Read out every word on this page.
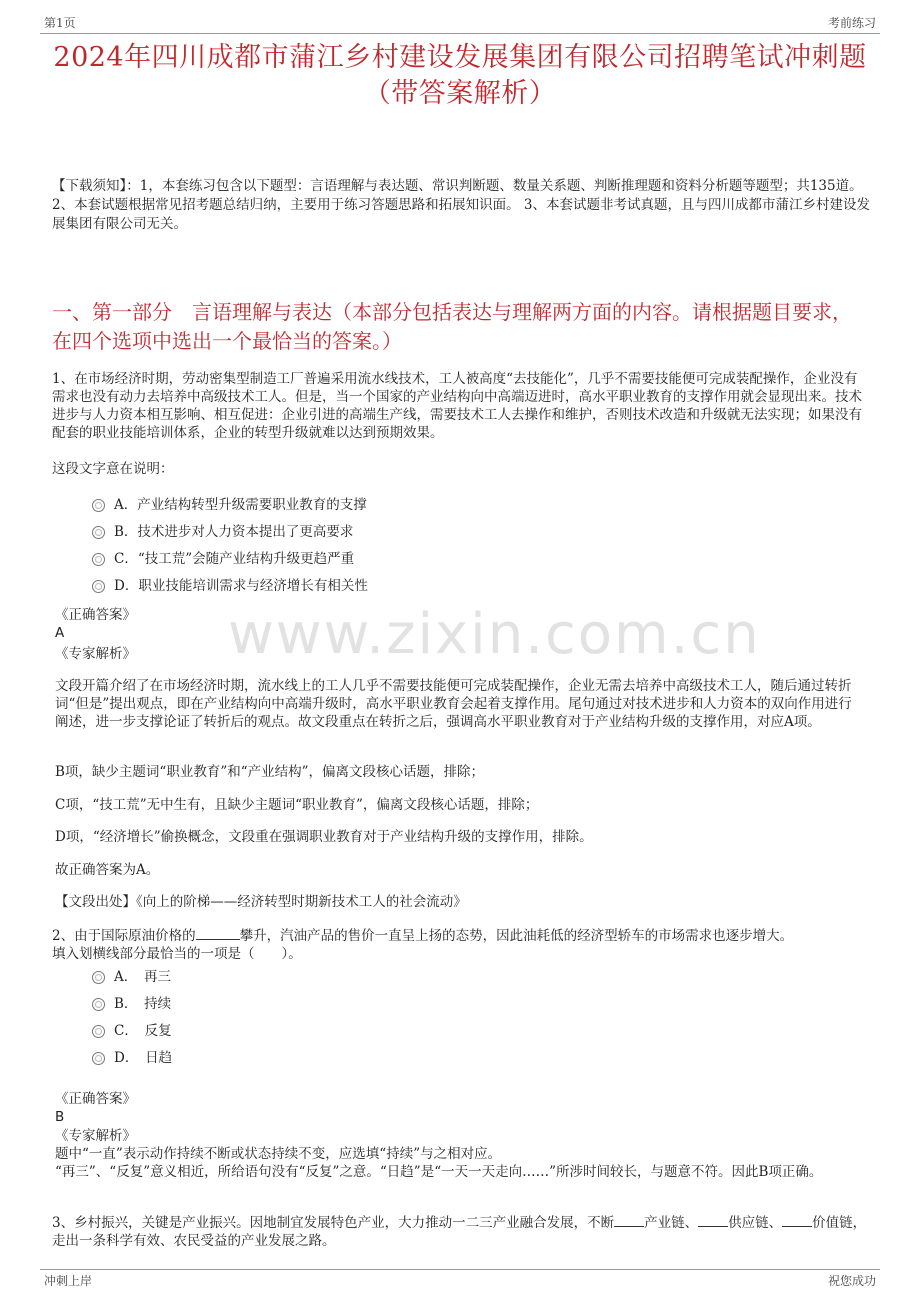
第1页	考前练习
2024年四川成都市蒲江乡村建设发展集团有限公司招聘笔试冲刺题（带答案解析）
【下载须知】：1，本套练习包含以下题型：言语理解与表达题、常识判断题、数量关系题、判断推理题和资料分析题等题型；共135道。 2、本套试题根据常见招考题总结归纳，主要用于练习答题思路和拓展知识面。 3、本套试题非考试真题，且与四川成都市蒲江乡村建设发展集团有限公司无关。
一、第一部分　言语理解与表达（本部分包括表达与理解两方面的内容。请根据题目要求，在四个选项中选出一个最恰当的答案。）
www.zixin.com.cn
1、在市场经济时期，劳动密集型制造工厂普遍采用流水线技术，工人被高度“去技能化”，几乎不需要技能便可完成装配操作，企业没有需求也没有动力去培养中高级技术工人。但是，当一个国家的产业结构向中高端迈进时，高水平职业教育的支撑作用就会显现出来。技术进步与人力资本相互影响、相互促进：企业引进的高端生产线，需要技术工人去操作和维护，否则技术改造和升级就无法实现；如果没有配套的职业技能培训体系，企业的转型升级就难以达到预期效果。
这段文字意在说明：
A．产业结构转型升级需要职业教育的支撑
B．技术进步对人力资本提出了更高要求
C．“技工荒”会随产业结构升级更趋严重
D．职业技能培训需求与经济增长有相关性
《正确答案》
A
《专家解析》
文段开篇介绍了在市场经济时期，流水线上的工人几乎不需要技能便可完成装配操作，企业无需去培养中高级技术工人，随后通过转折词“但是”提出观点，即在产业结构向中高端升级时，高水平职业教育会起着支撑作用。尾句通过对技术进步和人力资本的双向作用进行阐述，进一步支撑论证了转折后的观点。故文段重点在转折之后，强调高水平职业教育对于产业结构升级的支撑作用，对应A项。
B项，缺少主题词“职业教育”和“产业结构”，偏离文段核心话题，排除；
C项，“技工荒”无中生有，且缺少主题词“职业教育”，偏离文段核心话题，排除；
D项，“经济增长”偷换概念，文段重在强调职业教育对于产业结构升级的支撑作用，排除。
故正确答案为A。
【文段出处】《向上的阶梯——经济转型时期新技术工人的社会流动》
2、由于国际原油价格的	攀升，汽油产品的售价一直呈上扬的态势，因此油耗低的经济型轿车的市场需求也逐步增大。
填入划横线部分最恰当的一项是（　　）。
A．　再三
B．　持续
C．　反复
D．　日趋
《正确答案》
B
《专家解析》
题中“一直”表示动作持续不断或状态持续不变，应选填“持续”与之相对应。
“再三”、“反复”意义相近，所给语句没有“反复”之意。“日趋”是“一天一天走向……”所涉时间较长，与题意不符。因此B项正确。
3、乡村振兴，关键是产业振兴。因地制宜发展特色产业，大力推动一二三产业融合发展，不断 产业链、 供应链、 价值链，走出一条科学有效、农民受益的产业发展之路。
冲刺上岸	祝您成功
